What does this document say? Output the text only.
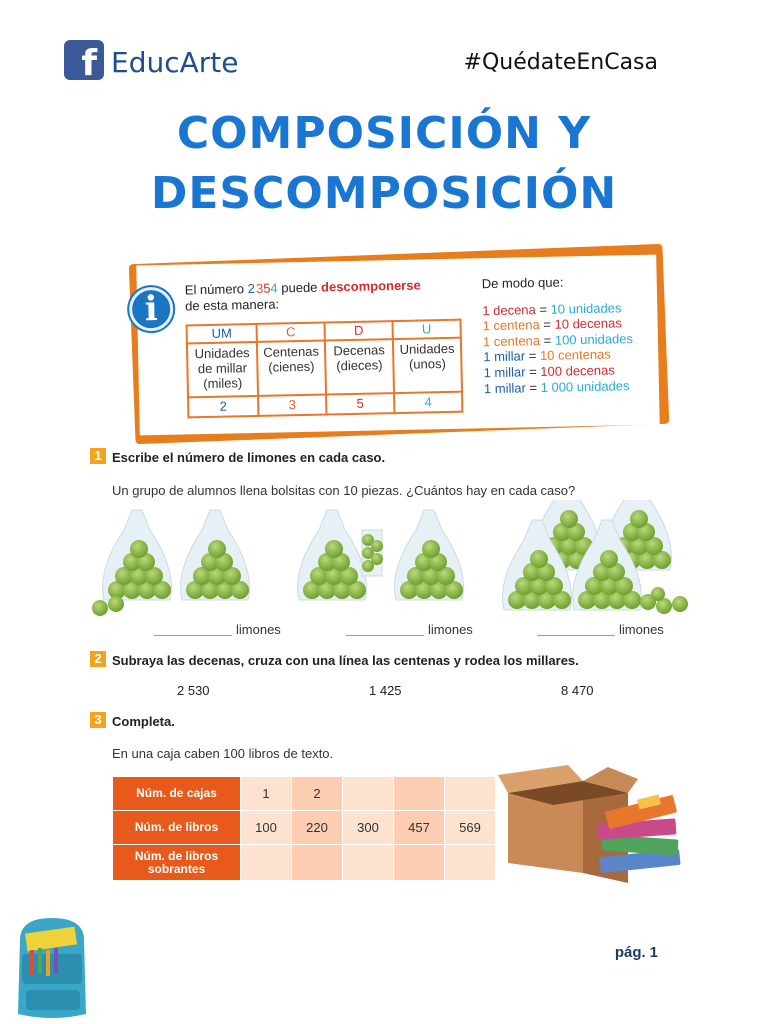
f EducArte	#QuédateEnCasa
COMPOSICIÓN Y
DESCOMPOSICIÓN
i	El número 2 354 puede descomponerse
de esta manera:
UM	C	D	U
Unidades
de millar
(miles)	Centenas
(cienes)	Decenas
(dieces)	Unidades
(unos)
2	3	5	4
De modo que:
1 decena = 10 unidades
1 centena = 10 decenas
1 centena = 100 unidades
1 millar = 10 centenas
1 millar = 100 decenas
1 millar = 1 000 unidades
1 Escribe el número de limones en cada caso.
Un grupo de alumnos llena bolsitas con 10 piezas. ¿Cuántos hay en cada caso?
limones	limones	limones
2 Subraya las decenas, cruza con una línea las centenas y rodea los millares.
2 530	1 425	8 470
3 Completa.
En una caja caben 100 libros de texto.
Núm. de cajas	1	2			
Núm. de libros	100	220	300	457	569
Núm. de libros sobrantes					
pág. 1
